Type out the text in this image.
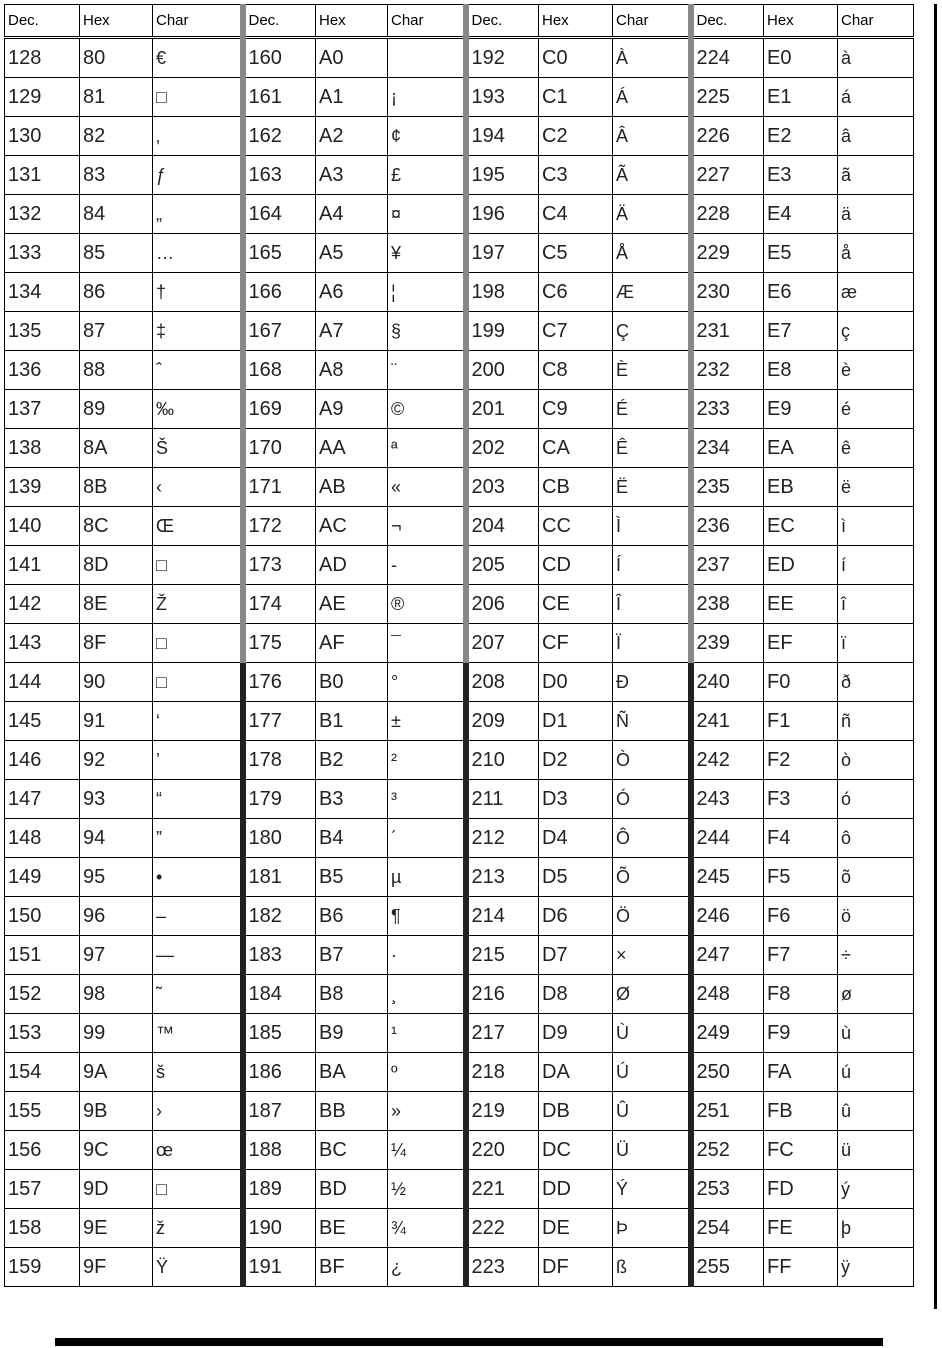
Dec.	Hex	Char	Dec.	Hex	Char	Dec.	Hex	Char	Dec.	Hex	Char
128	80	€	160	A0		192	C0	À	224	E0	à
129	81	□	161	A1	¡	193	C1	Á	225	E1	á
130	82	‚	162	A2	¢	194	C2	Â	226	E2	â
131	83	ƒ	163	A3	£	195	C3	Ã	227	E3	ã
132	84	„	164	A4	¤	196	C4	Ä	228	E4	ä
133	85	…	165	A5	¥	197	C5	Å	229	E5	å
134	86	†	166	A6	¦	198	C6	Æ	230	E6	æ
135	87	‡	167	A7	§	199	C7	Ç	231	E7	ç
136	88	ˆ	168	A8	¨	200	C8	È	232	E8	è
137	89	‰	169	A9	©	201	C9	É	233	E9	é
138	8A	Š	170	AA	ª	202	CA	Ê	234	EA	ê
139	8B	‹	171	AB	«	203	CB	Ë	235	EB	ë
140	8C	Œ	172	AC	¬	204	CC	Ì	236	EC	ì
141	8D	□	173	AD	-	205	CD	Í	237	ED	í
142	8E	Ž	174	AE	®	206	CE	Î	238	EE	î
143	8F	□	175	AF	¯	207	CF	Ï	239	EF	ï
144	90	□	176	B0	°	208	D0	Ð	240	F0	ð
145	91	‘	177	B1	±	209	D1	Ñ	241	F1	ñ
146	92	’	178	B2	²	210	D2	Ò	242	F2	ò
147	93	“	179	B3	³	211	D3	Ó	243	F3	ó
148	94	”	180	B4	´	212	D4	Ô	244	F4	ô
149	95	•	181	B5	µ	213	D5	Õ	245	F5	õ
150	96	–	182	B6	¶	214	D6	Ö	246	F6	ö
151	97	—	183	B7	·	215	D7	×	247	F7	÷
152	98	˜	184	B8	¸	216	D8	Ø	248	F8	ø
153	99	™	185	B9	¹	217	D9	Ù	249	F9	ù
154	9A	š	186	BA	º	218	DA	Ú	250	FA	ú
155	9B	›	187	BB	»	219	DB	Û	251	FB	û
156	9C	œ	188	BC	¼	220	DC	Ü	252	FC	ü
157	9D	□	189	BD	½	221	DD	Ý	253	FD	ý
158	9E	ž	190	BE	¾	222	DE	Þ	254	FE	þ
159	9F	Ÿ	191	BF	¿	223	DF	ß	255	FF	ÿ
